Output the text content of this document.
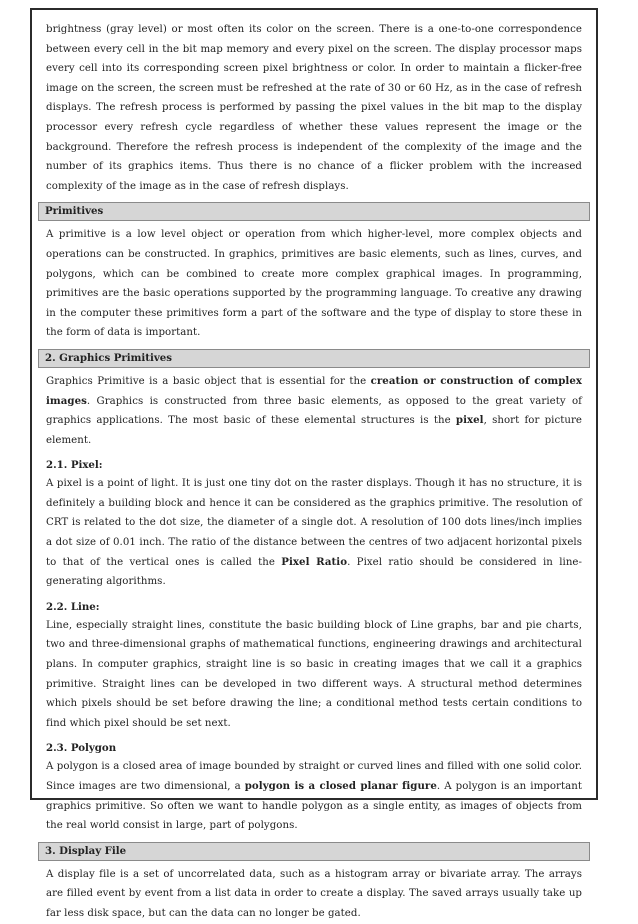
brightness (gray level) or most often its color on the screen. There is a one-to-one correspondence between every cell in the bit map memory and every pixel on the screen. The display processor maps every cell into its corresponding screen pixel brightness or color. In order to maintain a flicker-free image on the screen, the screen must be refreshed at the rate of 30 or 60 Hz, as in the case of refresh displays. The refresh process is performed by passing the pixel values in the bit map to the display processor every refresh cycle regardless of whether these values represent the image or the background. Therefore the refresh process is independent of the complexity of the image and the number of its graphics items. Thus there is no chance of a flicker problem with the increased complexity of the image as in the case of refresh displays.

Primitives

A primitive is a low level object or operation from which higher-level, more complex objects and operations can be constructed. In graphics, primitives are basic elements, such as lines, curves, and polygons, which can be combined to create more complex graphical images. In programming, primitives are the basic operations supported by the programming language. To creative any drawing in the computer these primitives form a part of the software and the type of display to store these in the form of data is important.

2. Graphics Primitives

Graphics Primitive is a basic object that is essential for the creation or construction of complex images. Graphics is constructed from three basic elements, as opposed to the great variety of graphics applications. The most basic of these elemental structures is the pixel, short for picture element.

2.1. Pixel:

A pixel is a point of light. It is just one tiny dot on the raster displays. Though it has no structure, it is definitely a building block and hence it can be considered as the graphics primitive. The resolution of CRT is related to the dot size, the diameter of a single dot. A resolution of 100 dots lines/inch implies a dot size of 0.01 inch. The ratio of the distance between the centres of two adjacent horizontal pixels to that of the vertical ones is called the Pixel Ratio. Pixel ratio should be considered in line-generating algorithms.

2.2. Line:

Line, especially straight lines, constitute the basic building block of Line graphs, bar and pie charts, two and three-dimensional graphs of mathematical functions, engineering drawings and architectural plans. In computer graphics, straight line is so basic in creating images that we call it a graphics primitive. Straight lines can be developed in two different ways. A structural method determines which pixels should be set before drawing the line; a conditional method tests certain conditions to find which pixel should be set next.

2.3. Polygon

A polygon is a closed area of image bounded by straight or curved lines and filled with one solid color. Since images are two dimensional, a polygon is a closed planar figure. A polygon is an important graphics primitive. So often we want to handle polygon as a single entity, as images of objects from the real world consist in large, part of polygons.

3. Display File

A display file is a set of uncorrelated data, such as a histogram array or bivariate array. The arrays are filled event by event from a list data in order to create a display. The saved arrays usually take up far less disk space, but can the data can no longer be gated.
